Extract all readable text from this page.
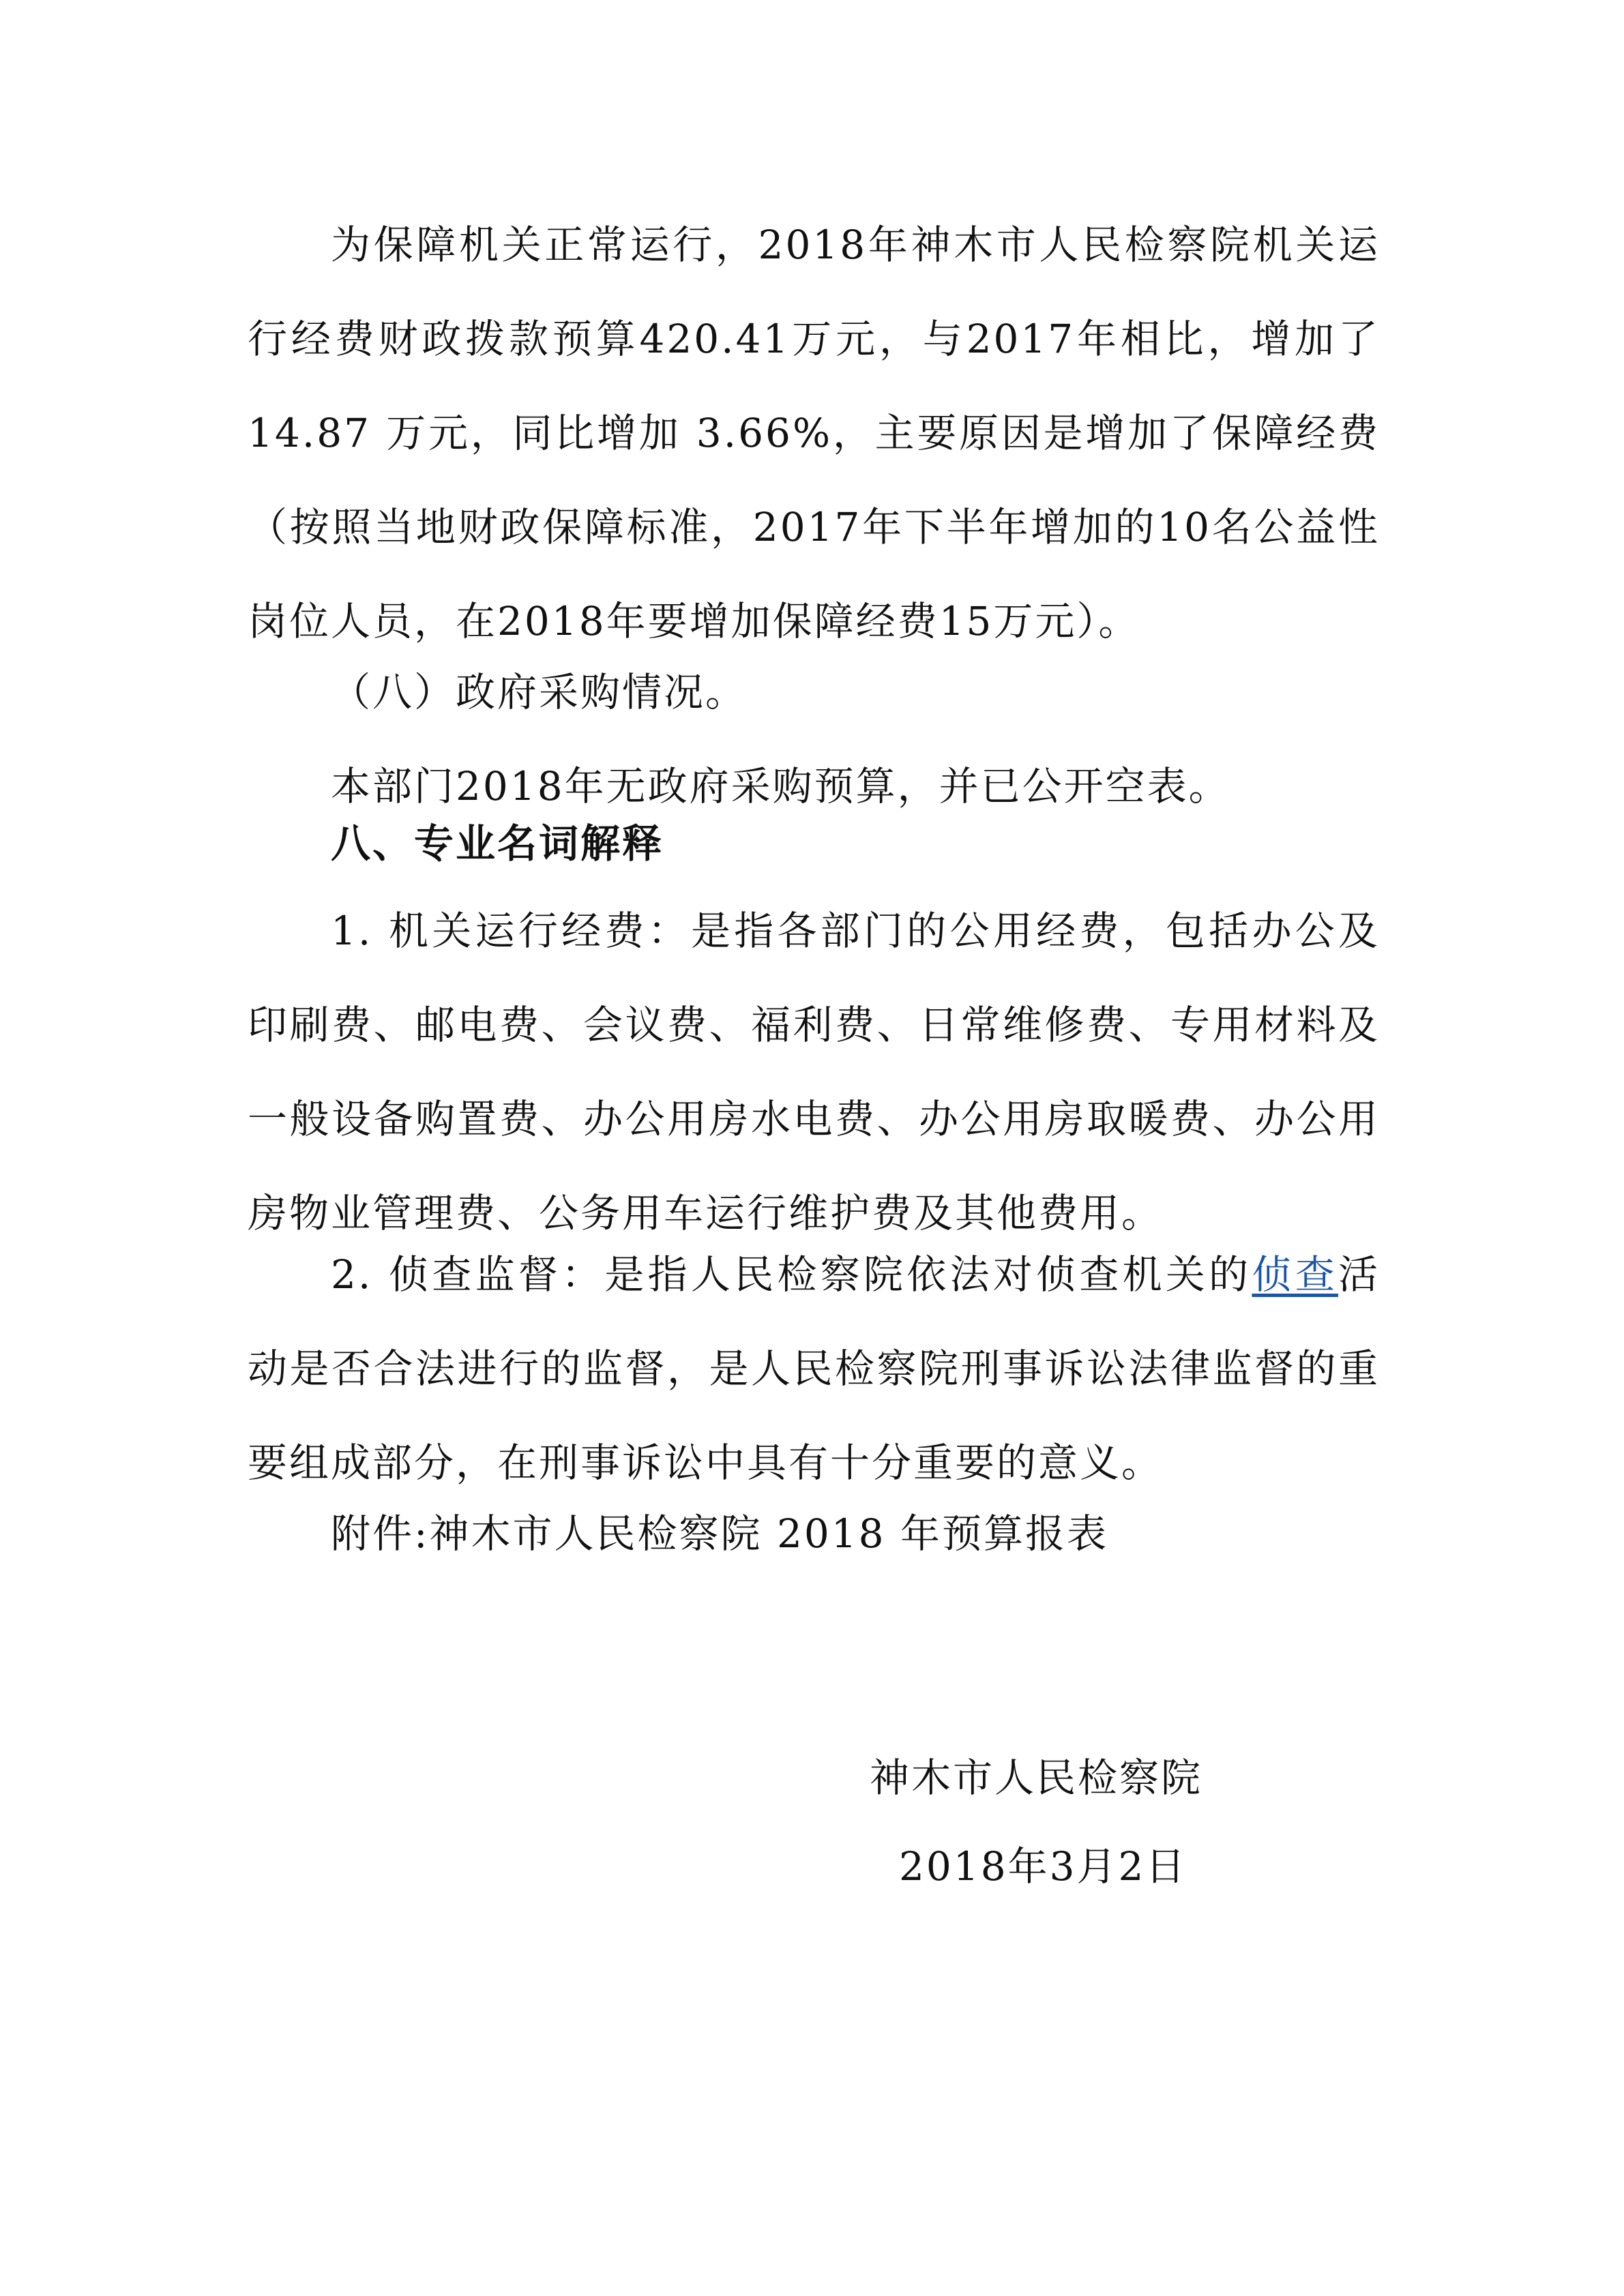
为保障机关正常运行，2018年神木市人民检察院机关运行经费财政拨款预算420.41万元，与2017年相比，增加了14.87 万元，同比增加 3.66%，主要原因是增加了保障经费（按照当地财政保障标准，2017年下半年增加的10名公益性岗位人员，在2018年要增加保障经费15万元）。

（八）政府采购情况。

本部门2018年无政府采购预算，并已公开空表。

八、专业名词解释

1. 机关运行经费：是指各部门的公用经费，包括办公及印刷费、邮电费、会议费、福利费、日常维修费、专用材料及一般设备购置费、办公用房水电费、办公用房取暖费、办公用房物业管理费、公务用车运行维护费及其他费用。

2. 侦查监督：是指人民检察院依法对侦查机关的侦查活动是否合法进行的监督，是人民检察院刑事诉讼法律监督的重要组成部分，在刑事诉讼中具有十分重要的意义。

附件:神木市人民检察院 2018 年预算报表

神木市人民检察院
2018年3月2日
